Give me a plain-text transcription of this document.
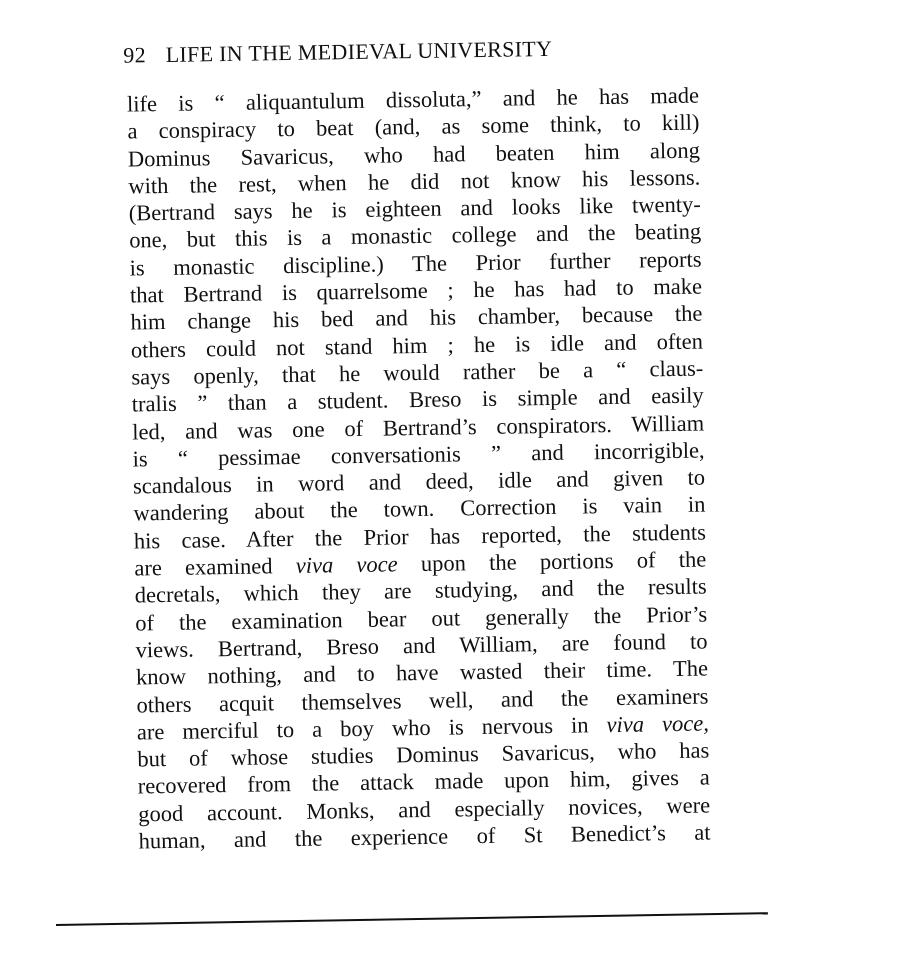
92 LIFE IN THE MEDIEVAL UNIVERSITY
life is “ aliquantulum dissoluta,” and he has made
a conspiracy to beat (and, as some think, to kill)
Dominus Savaricus, who had beaten him along
with the rest, when he did not know his lessons.
(Bertrand says he is eighteen and looks like twenty-
one, but this is a monastic college and the beating
is monastic discipline.) The Prior further reports
that Bertrand is quarrelsome ; he has had to make
him change his bed and his chamber, because the
others could not stand him ; he is idle and often
says openly, that he would rather be a “ claus-
tralis ” than a student. Breso is simple and easily
led, and was one of Bertrand’s conspirators. William
is “ pessimae conversationis ” and incorrigible,
scandalous in word and deed, idle and given to
wandering about the town. Correction is vain in
his case. After the Prior has reported, the students
are examined viva voce upon the portions of the
decretals, which they are studying, and the results
of the examination bear out generally the Prior’s
views. Bertrand, Breso and William, are found to
know nothing, and to have wasted their time. The
others acquit themselves well, and the examiners
are merciful to a boy who is nervous in viva voce,
but of whose studies Dominus Savaricus, who has
recovered from the attack made upon him, gives a
good account. Monks, and especially novices, were
human, and the experience of St Benedict’s at
